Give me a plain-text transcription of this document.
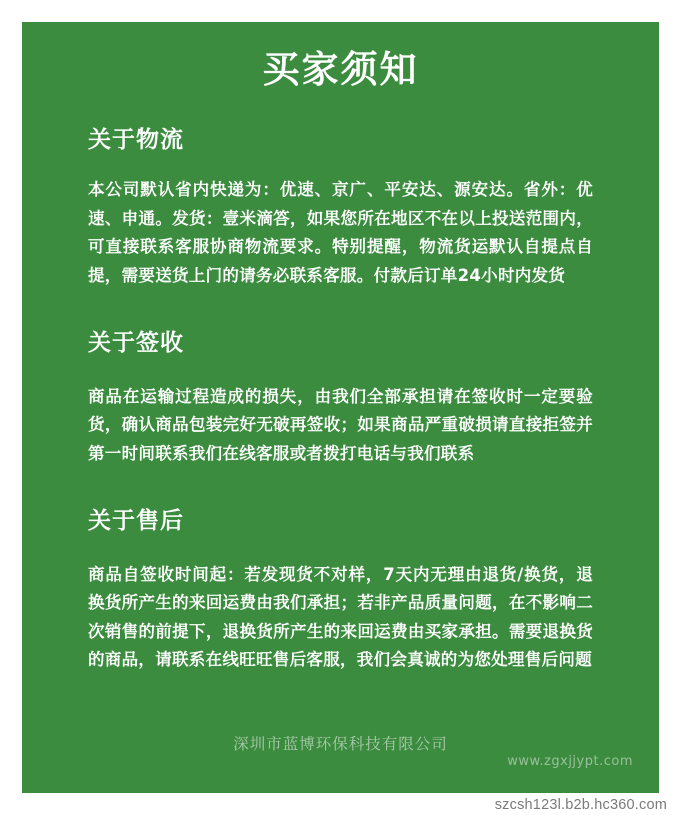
买家须知
关于物流

本公司默认省内快递为：优速、京广、平安达、源安达。省外：优速、申通。发货：壹米滴答，如果您所在地区不在以上投送范围内，可直接联系客服协商物流要求。特别提醒，物流货运默认自提点自提，需要送货上门的请务必联系客服。付款后订单24小时内发货

关于签收

商品在运输过程造成的损失，由我们全部承担请在签收时一定要验货，确认商品包装完好无破再签收；如果商品严重破损请直接拒签并第一时间联系我们在线客服或者拨打电话与我们联系

关于售后

商品自签收时间起：若发现货不对样，7天内无理由退货/换货，退换货所产生的来回运费由我们承担；若非产品质量问题，在不影响二次销售的前提下，退换货所产生的来回运费由买家承担。需要退换货的商品，请联系在线旺旺售后客服，我们会真诚的为您处理售后问题

深圳市蓝博环保科技有限公司
www.zgxjjypt.com
szcsh123l.b2b.hc360.com
